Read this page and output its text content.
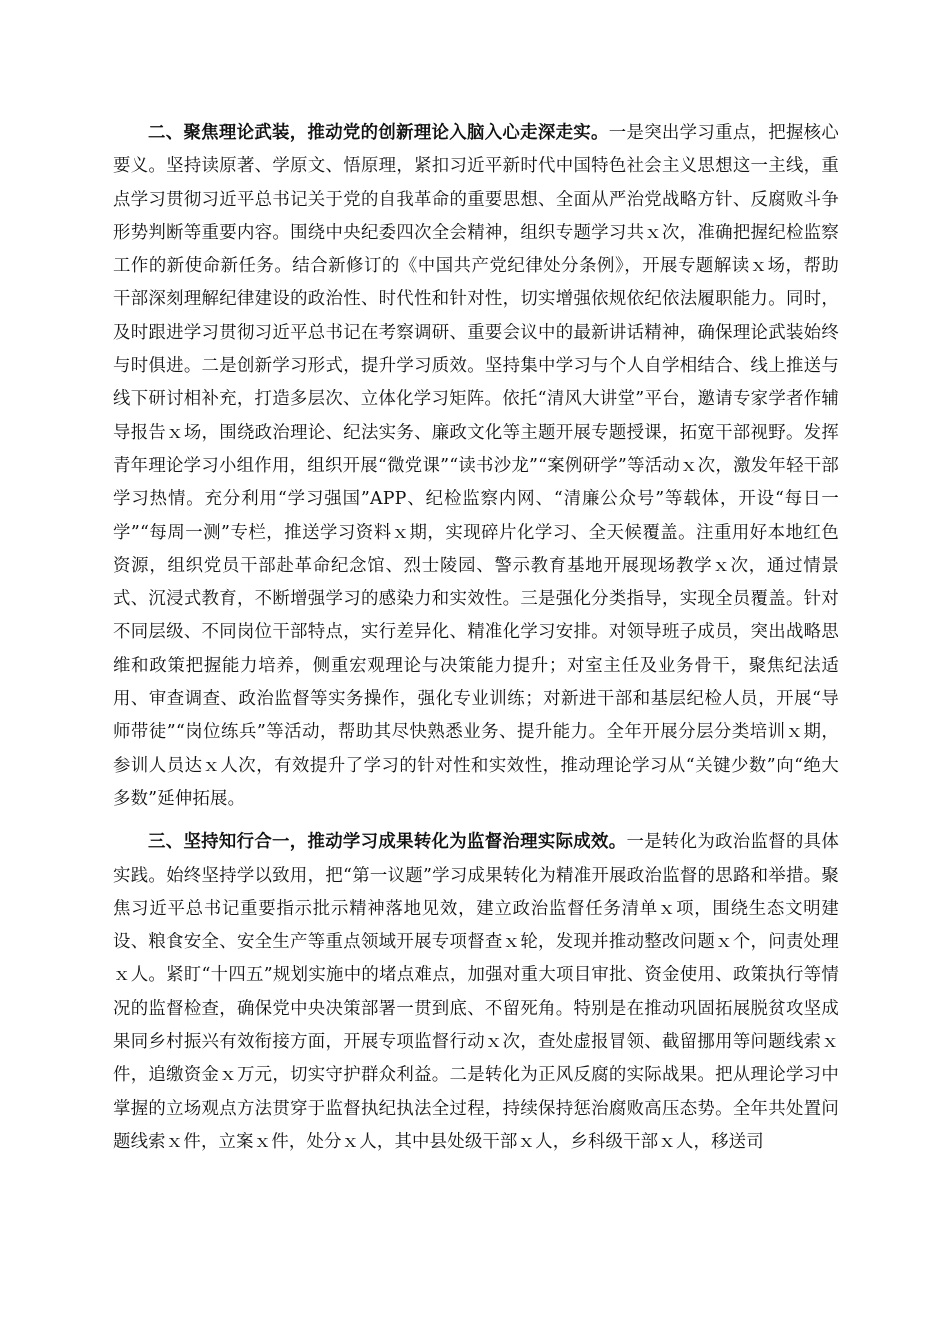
二、聚焦理论武装，推动党的创新理论入脑入心走深走实。一是突出学习重点，把握核心要义。坚持读原著、学原文、悟原理，紧扣习近平新时代中国特色社会主义思想这一主线，重点学习贯彻习近平总书记关于党的自我革命的重要思想、全面从严治党战略方针、反腐败斗争形势判断等重要内容。围绕中央纪委四次全会精神，组织专题学习共ｘ次，准确把握纪检监察工作的新使命新任务。结合新修订的《中国共产党纪律处分条例》，开展专题解读ｘ场，帮助干部深刻理解纪律建设的政治性、时代性和针对性，切实增强依规依纪依法履职能力。同时，及时跟进学习贯彻习近平总书记在考察调研、重要会议中的最新讲话精神，确保理论武装始终与时俱进。二是创新学习形式，提升学习质效。坚持集中学习与个人自学相结合、线上推送与线下研讨相补充，打造多层次、立体化学习矩阵。依托“清风大讲堂”平台，邀请专家学者作辅导报告ｘ场，围绕政治理论、纪法实务、廉政文化等主题开展专题授课，拓宽干部视野。发挥青年理论学习小组作用，组织开展“微党课”“读书沙龙”“案例研学”等活动ｘ次，激发年轻干部学习热情。充分利用“学习强国”APP、纪检监察内网、“清廉公众号”等载体，开设“每日一学”“每周一测”专栏，推送学习资料ｘ期，实现碎片化学习、全天候覆盖。注重用好本地红色资源，组织党员干部赴革命纪念馆、烈士陵园、警示教育基地开展现场教学ｘ次，通过情景式、沉浸式教育，不断增强学习的感染力和实效性。三是强化分类指导，实现全员覆盖。针对不同层级、不同岗位干部特点，实行差异化、精准化学习安排。对领导班子成员，突出战略思维和政策把握能力培养，侧重宏观理论与决策能力提升；对室主任及业务骨干，聚焦纪法适用、审查调查、政治监督等实务操作，强化专业训练；对新进干部和基层纪检人员，开展“导师带徒”“岗位练兵”等活动，帮助其尽快熟悉业务、提升能力。全年开展分层分类培训ｘ期，参训人员达ｘ人次，有效提升了学习的针对性和实效性，推动理论学习从“关键少数”向“绝大多数”延伸拓展。

三、坚持知行合一，推动学习成果转化为监督治理实际成效。一是转化为政治监督的具体实践。始终坚持学以致用，把“第一议题”学习成果转化为精准开展政治监督的思路和举措。聚焦习近平总书记重要指示批示精神落地见效，建立政治监督任务清单ｘ项，围绕生态文明建设、粮食安全、安全生产等重点领域开展专项督查ｘ轮，发现并推动整改问题ｘ个，问责处理ｘ人。紧盯“十四五”规划实施中的堵点难点，加强对重大项目审批、资金使用、政策执行等情况的监督检查，确保党中央决策部署一贯到底、不留死角。特别是在推动巩固拓展脱贫攻坚成果同乡村振兴有效衔接方面，开展专项监督行动ｘ次，查处虚报冒领、截留挪用等问题线索ｘ件，追缴资金ｘ万元，切实守护群众利益。二是转化为正风反腐的实际战果。把从理论学习中掌握的立场观点方法贯穿于监督执纪执法全过程，持续保持惩治腐败高压态势。全年共处置问题线索ｘ件，立案ｘ件，处分ｘ人，其中县处级干部ｘ人，乡科级干部ｘ人，移送司
